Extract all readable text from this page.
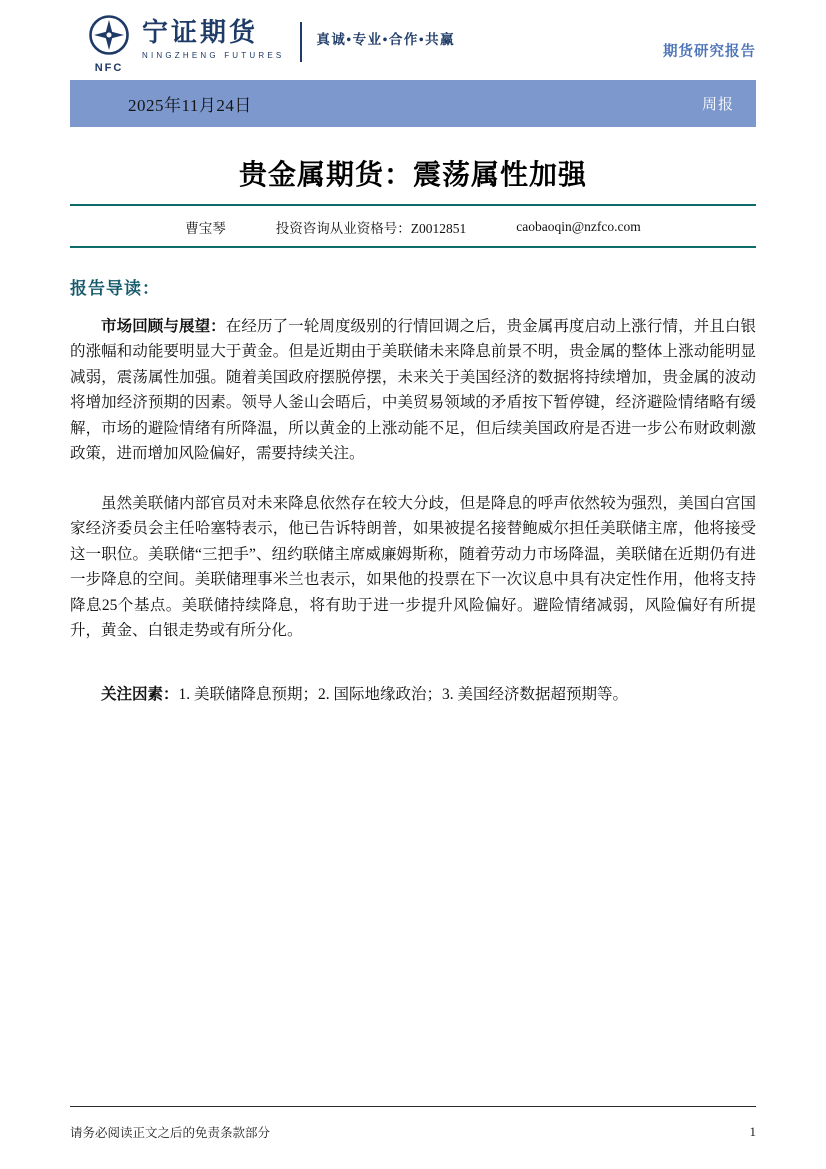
NFC
宁证期货
NINGZHENG FUTURES
真诚•专业•合作•共赢
期货研究报告
2025年11月24日	周报
贵金属期货：震荡属性加强
曹宝琴	投资咨询从业资格号：Z0012851	caobaoqin@nzfco.com
报告导读：

市场回顾与展望：在经历了一轮周度级别的行情回调之后，贵金属再度启动上涨行情，并且白银的涨幅和动能要明显大于黄金。但是近期由于美联储未来降息前景不明，贵金属的整体上涨动能明显减弱，震荡属性加强。随着美国政府摆脱停摆，未来关于美国经济的数据将持续增加，贵金属的波动将增加经济预期的因素。领导人釜山会晤后，中美贸易领域的矛盾按下暂停键，经济避险情绪略有缓解，市场的避险情绪有所降温，所以黄金的上涨动能不足，但后续美国政府是否进一步公布财政刺激政策，进而增加风险偏好，需要持续关注。

虽然美联储内部官员对未来降息依然存在较大分歧，但是降息的呼声依然较为强烈，美国白宫国家经济委员会主任哈塞特表示，他已告诉特朗普，如果被提名接替鲍威尔担任美联储主席，他将接受这一职位。美联储“三把手”、纽约联储主席威廉姆斯称，随着劳动力市场降温，美联储在近期仍有进一步降息的空间。美联储理事米兰也表示，如果他的投票在下一次议息中具有决定性作用，他将支持降息25个基点。美联储持续降息，将有助于进一步提升风险偏好。避险情绪减弱，风险偏好有所提升，黄金、白银走势或有所分化。

关注因素：1. 美联储降息预期；2. 国际地缘政治；3. 美国经济数据超预期等。

请务必阅读正文之后的免责条款部分	1
